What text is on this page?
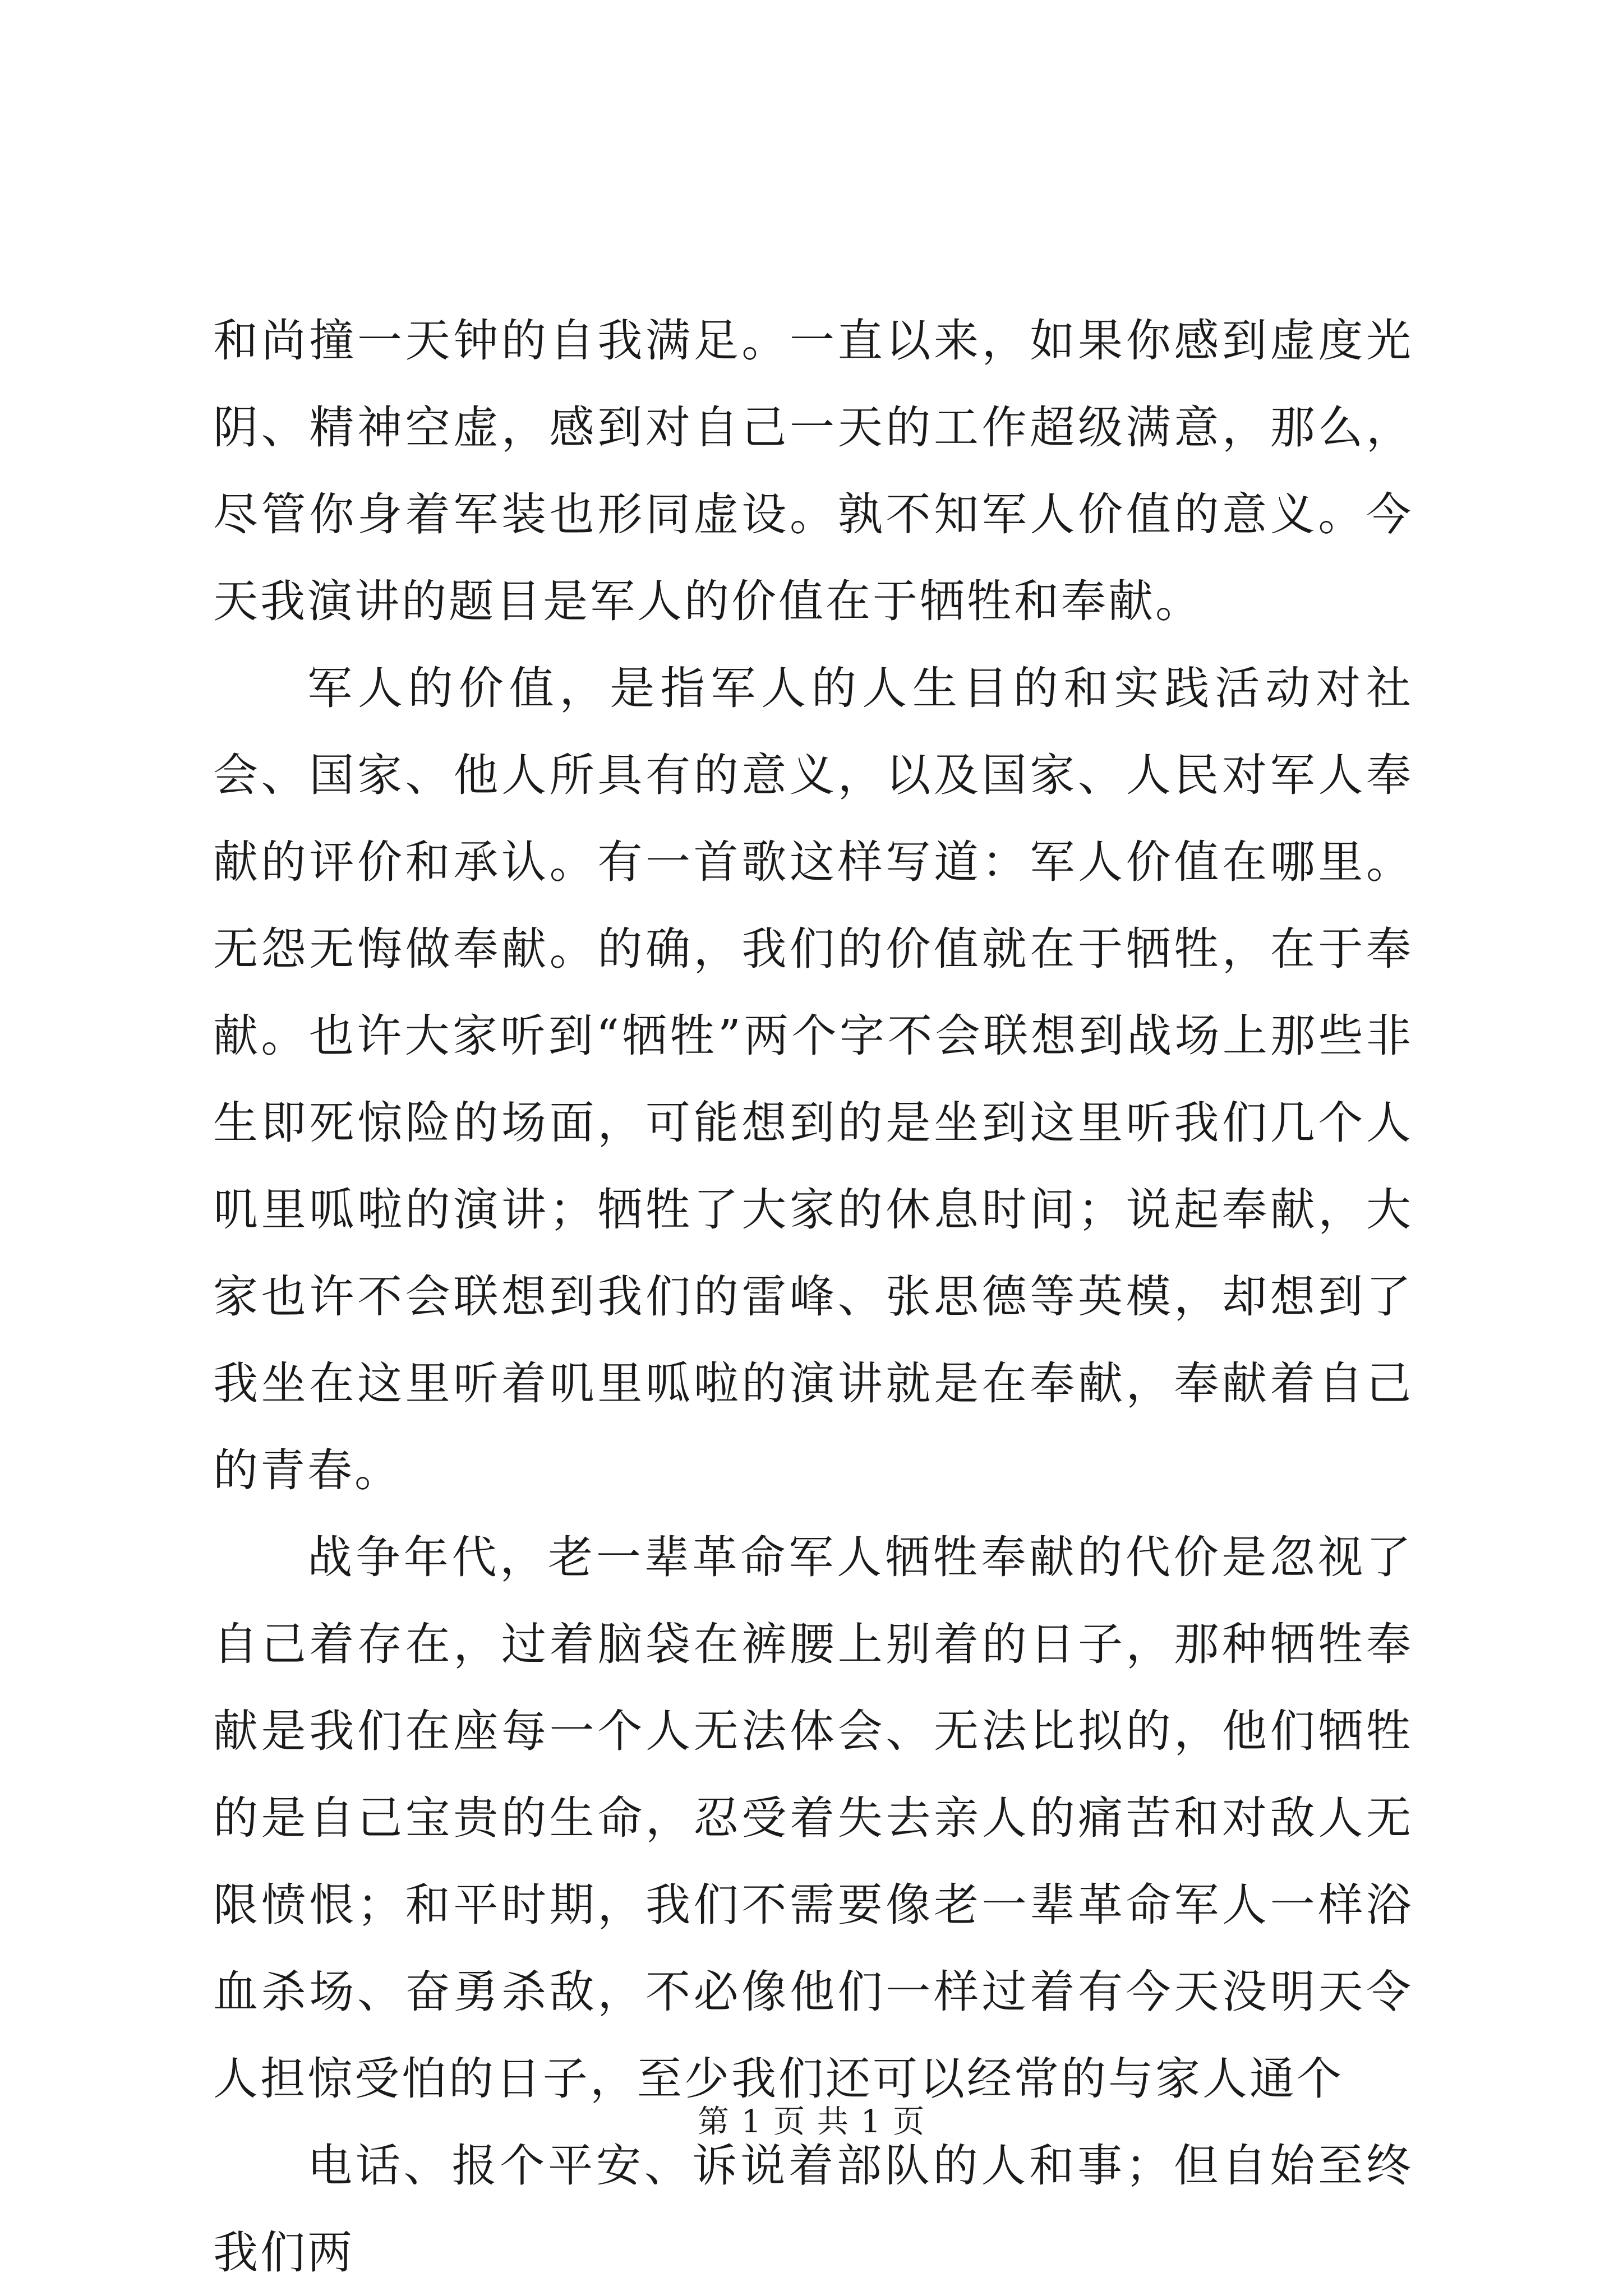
和尚撞一天钟的自我满足。一直以来，如果你感到虚度光阴、精神空虚，感到对自己一天的工作超级满意，那么，尽管你身着军装也形同虚设。孰不知军人价值的意义。今天我演讲的题目是军人的价值在于牺牲和奉献。

军人的价值，是指军人的人生目的和实践活动对社会、国家、他人所具有的意义，以及国家、人民对军人奉献的评价和承认。有一首歌这样写道：军人价值在哪里。无怨无悔做奉献。的确，我们的价值就在于牺牲，在于奉献。也许大家听到“牺牲”两个字不会联想到战场上那些非生即死惊险的场面，可能想到的是坐到这里听我们几个人叽里呱啦的演讲；牺牲了大家的休息时间；说起奉献，大家也许不会联想到我们的雷峰、张思德等英模，却想到了我坐在这里听着叽里呱啦的演讲就是在奉献，奉献着自己的青春。

战争年代，老一辈革命军人牺牲奉献的代价是忽视了自己着存在，过着脑袋在裤腰上别着的日子，那种牺牲奉献是我们在座每一个人无法体会、无法比拟的，他们牺牲的是自己宝贵的生命，忍受着失去亲人的痛苦和对敌人无限愤恨；和平时期，我们不需要像老一辈革命军人一样浴血杀场、奋勇杀敌，不必像他们一样过着有今天没明天令人担惊受怕的日子，至少我们还可以经常的与家人通个

电话、报个平安、诉说着部队的人和事；但自始至终我们两

第 1 页 共 1 页
